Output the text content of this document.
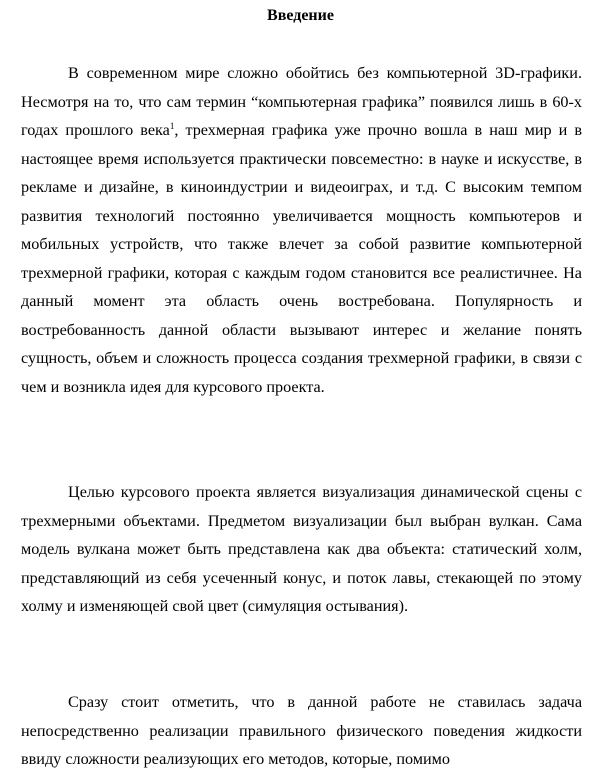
Введение

В современном мире сложно обойтись без компьютерной 3D-графики. Несмотря на то, что сам термин “компьютерная графика” появился лишь в 60-х годах прошлого века$^1$, трехмерная графика уже прочно вошла в наш мир и в настоящее время используется практически повсеместно: в науке и искусстве, в рекламе и дизайне, в киноиндустрии и видеоиграх, и т.д. С высоким темпом развития технологий постоянно увеличивается мощность компьютеров и мобильных устройств, что также влечет за собой развитие компьютерной трехмерной графики, которая с каждым годом становится все реалистичнее. На данный момент эта область очень востребована. Популярность и востребованность данной области вызывают интерес и желание понять сущность, объем и сложность процесса создания трехмерной графики, в связи с чем и возникла идея для курсового проекта.

Целью курсового проекта является визуализация динамической сцены с трехмерными объектами. Предметом визуализации был выбран вулкан. Сама модель вулкана может быть представлена как два объекта: статический холм, представляющий из себя усеченный конус, и поток лавы, стекающей по этому холму и изменяющей свой цвет (симуляция остывания).

Сразу стоит отметить, что в данной работе не ставилась задача непосредственно реализации правильного физического поведения жидкости ввиду сложности реализующих его методов, которые, помимо
